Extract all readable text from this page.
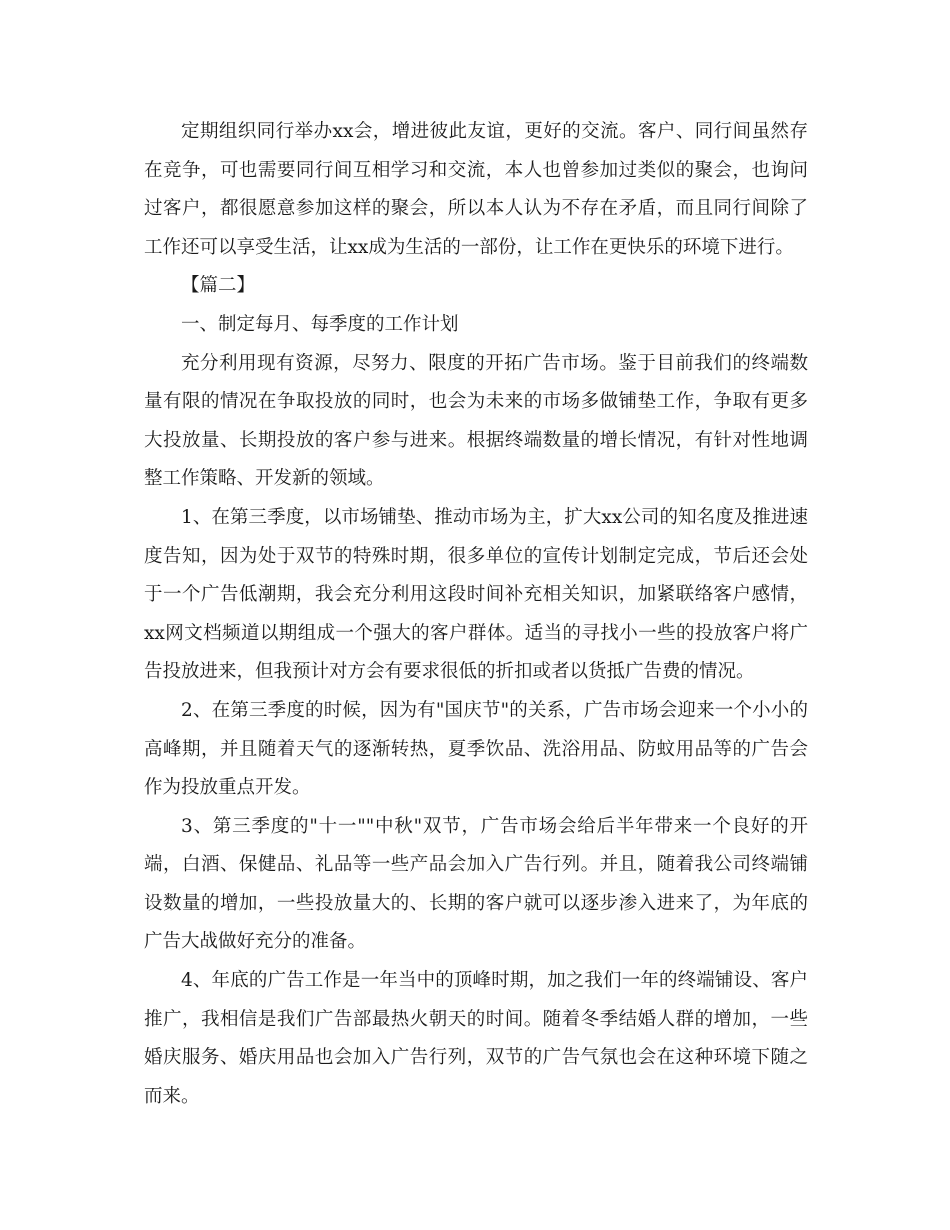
定期组织同行举办xx会，增进彼此友谊，更好的交流。客户、同行间虽然存在竞争，可也需要同行间互相学习和交流，本人也曾参加过类似的聚会，也询问过客户，都很愿意参加这样的聚会，所以本人认为不存在矛盾，而且同行间除了工作还可以享受生活，让xx成为生活的一部份，让工作在更快乐的环境下进行。

【篇二】

一、制定每月、每季度的工作计划

充分利用现有资源，尽努力、限度的开拓广告市场。鉴于目前我们的终端数量有限的情况在争取投放的同时，也会为未来的市场多做铺垫工作，争取有更多大投放量、长期投放的客户参与进来。根据终端数量的增长情况，有针对性地调整工作策略、开发新的领域。

1、在第三季度，以市场铺垫、推动市场为主，扩大xx公司的知名度及推进速度告知，因为处于双节的特殊时期，很多单位的宣传计划制定完成，节后还会处于一个广告低潮期，我会充分利用这段时间补充相关知识，加紧联络客户感情，xx网文档频道以期组成一个强大的客户群体。适当的寻找小一些的投放客户将广告投放进来，但我预计对方会有要求很低的折扣或者以货抵广告费的情况。

2、在第三季度的时候，因为有"国庆节"的关系，广告市场会迎来一个小小的高峰期，并且随着天气的逐渐转热，夏季饮品、洗浴用品、防蚊用品等的广告会作为投放重点开发。

3、第三季度的"十一""中秋"双节，广告市场会给后半年带来一个良好的开端，白酒、保健品、礼品等一些产品会加入广告行列。并且，随着我公司终端铺设数量的增加，一些投放量大的、长期的客户就可以逐步渗入进来了，为年底的广告大战做好充分的准备。

4、年底的广告工作是一年当中的顶峰时期，加之我们一年的终端铺设、客户推广，我相信是我们广告部最热火朝天的时间。随着冬季结婚人群的增加，一些婚庆服务、婚庆用品也会加入广告行列，双节的广告气氛也会在这种环境下随之而来。
